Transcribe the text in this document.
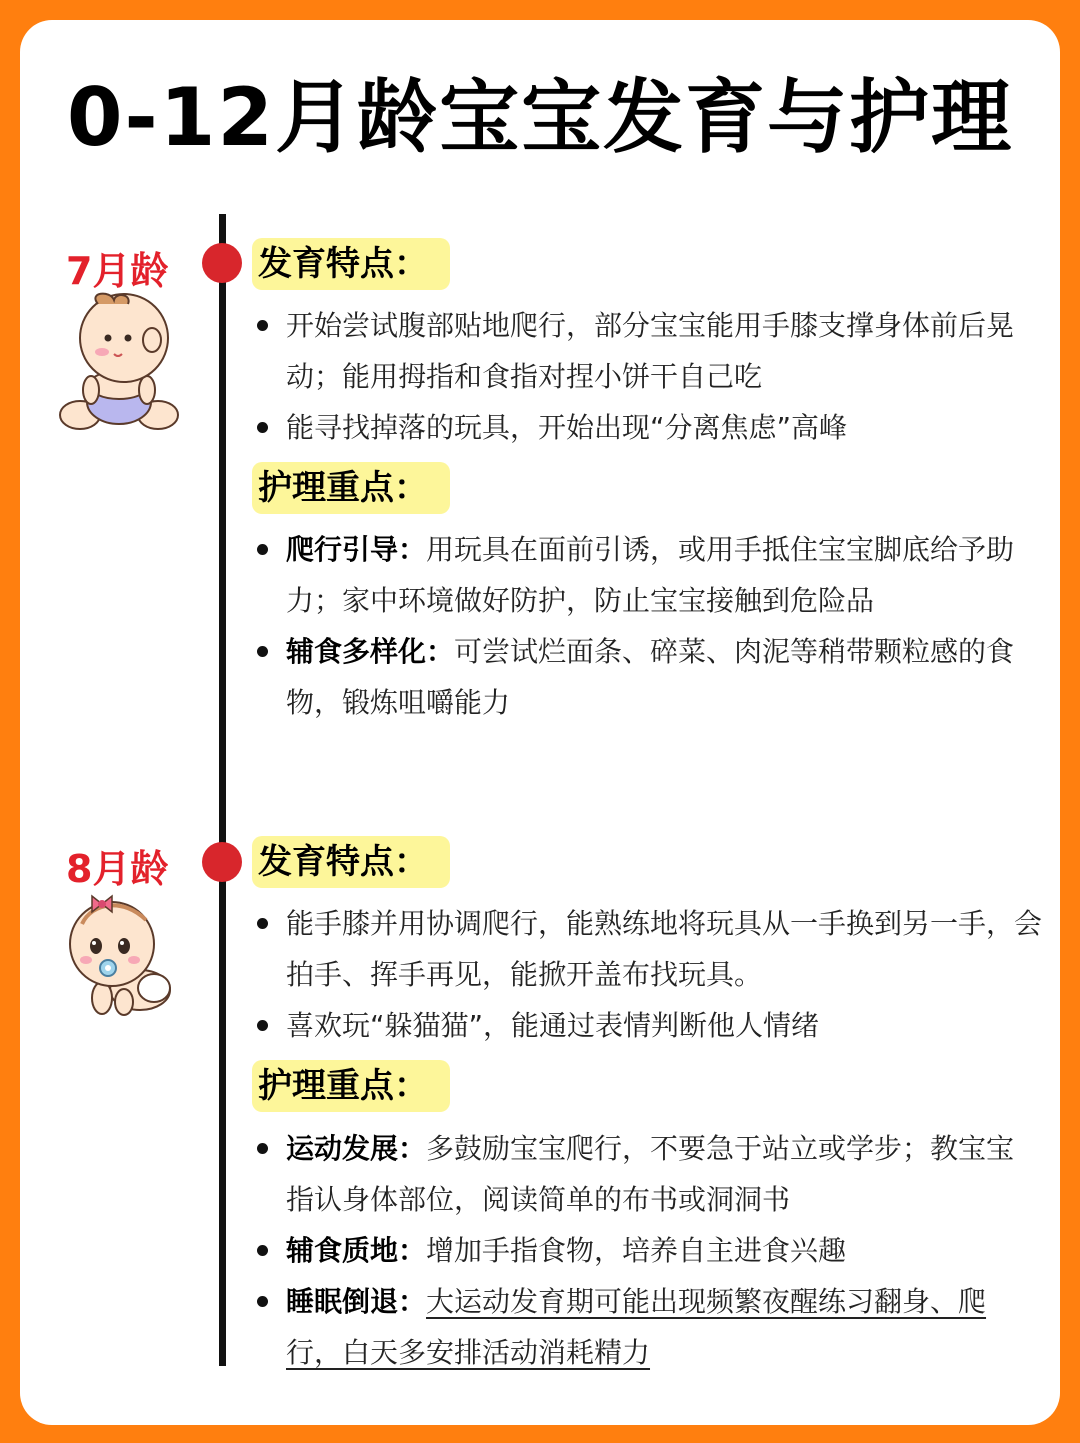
0-12月龄宝宝发育与护理
7月龄	发育特点：
开始尝试腹部贴地爬行，部分宝宝能用手膝支撑身体前后晃动；能用拇指和食指对捏小饼干自己吃
能寻找掉落的玩具，开始出现“分离焦虑”高峰
护理重点：
爬行引导：用玩具在面前引诱，或用手抵住宝宝脚底给予助力；家中环境做好防护，防止宝宝接触到危险品
辅食多样化：可尝试烂面条、碎菜、肉泥等稍带颗粒感的食物，锻炼咀嚼能力
8月龄	发育特点：
能手膝并用协调爬行，能熟练地将玩具从一手换到另一手，会拍手、挥手再见，能掀开盖布找玩具。
喜欢玩“躲猫猫”，能通过表情判断他人情绪
护理重点：
运动发展：多鼓励宝宝爬行，不要急于站立或学步；教宝宝指认身体部位，阅读简单的布书或洞洞书
辅食质地：增加手指食物，培养自主进食兴趣
睡眠倒退：大运动发育期可能出现频繁夜醒练习翻身、爬行，白天多安排活动消耗精力
